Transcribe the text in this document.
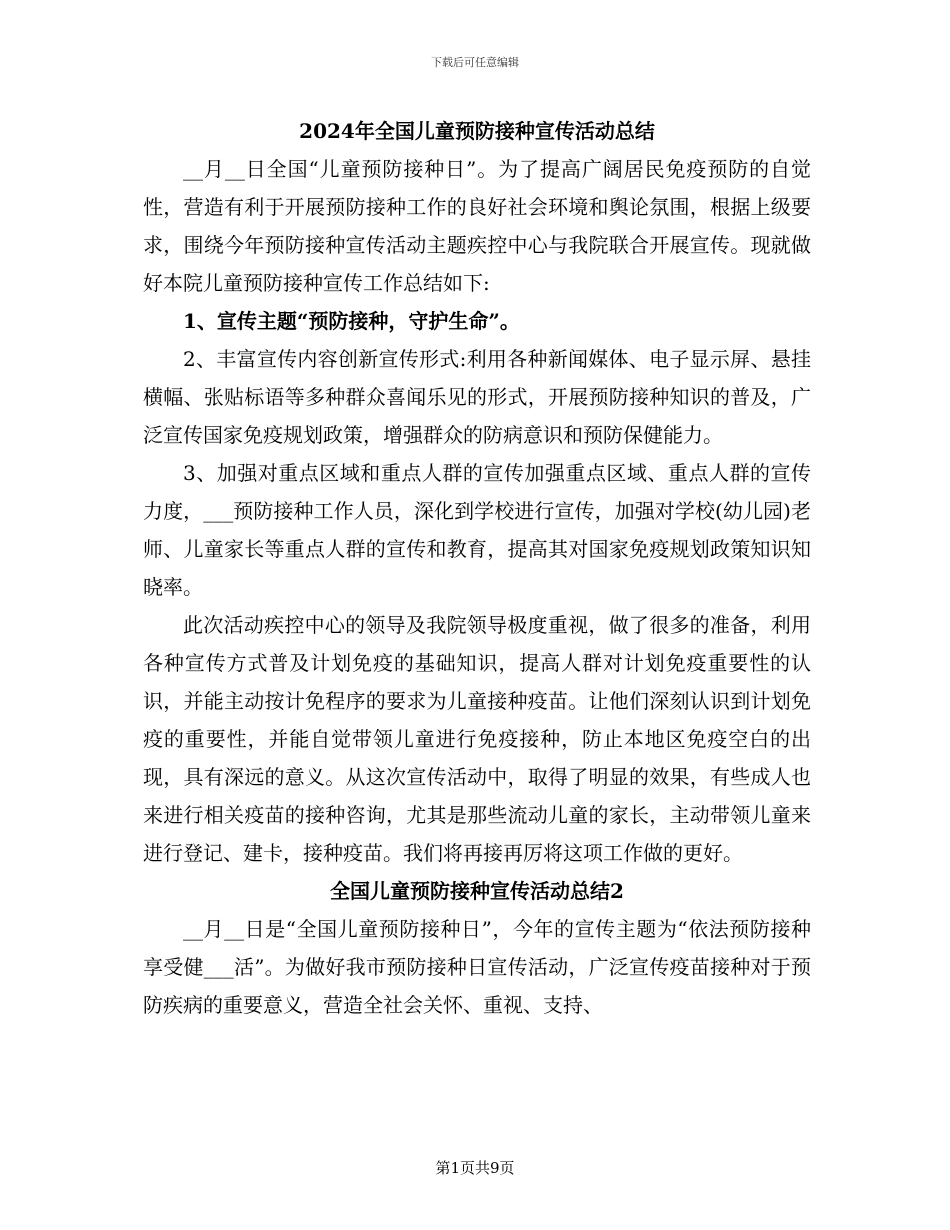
下载后可任意编辑

2024年全国儿童预防接种宣传活动总结

__月__日全国“儿童预防接种日”。为了提高广阔居民免疫预防的自觉性，营造有利于开展预防接种工作的良好社会环境和舆论氛围，根据上级要求，围绕今年预防接种宣传活动主题疾控中心与我院联合开展宣传。现就做好本院儿童预防接种宣传工作总结如下:

1、宣传主题“预防接种，守护生命”。

2、丰富宣传内容创新宣传形式:利用各种新闻媒体、电子显示屏、悬挂横幅、张贴标语等多种群众喜闻乐见的形式，开展预防接种知识的普及，广泛宣传国家免疫规划政策，增强群众的防病意识和预防保健能力。

3、加强对重点区域和重点人群的宣传加强重点区域、重点人群的宣传力度，___预防接种工作人员，深化到学校进行宣传，加强对学校(幼儿园)老师、儿童家长等重点人群的宣传和教育，提高其对国家免疫规划政策知识知晓率。

此次活动疾控中心的领导及我院领导极度重视，做了很多的准备，利用各种宣传方式普及计划免疫的基础知识，提高人群对计划免疫重要性的认识，并能主动按计免程序的要求为儿童接种疫苗。让他们深刻认识到计划免疫的重要性，并能自觉带领儿童进行免疫接种，防止本地区免疫空白的出现，具有深远的意义。从这次宣传活动中，取得了明显的效果，有些成人也来进行相关疫苗的接种咨询，尤其是那些流动儿童的家长，主动带领儿童来进行登记、建卡，接种疫苗。我们将再接再厉将这项工作做的更好。

全国儿童预防接种宣传活动总结2

__月__日是“全国儿童预防接种日”，今年的宣传主题为“依法预防接种享受健___活”。为做好我市预防接种日宣传活动，广泛宣传疫苗接种对于预防疾病的重要意义，营造全社会关怀、重视、支持、

第1页共9页
